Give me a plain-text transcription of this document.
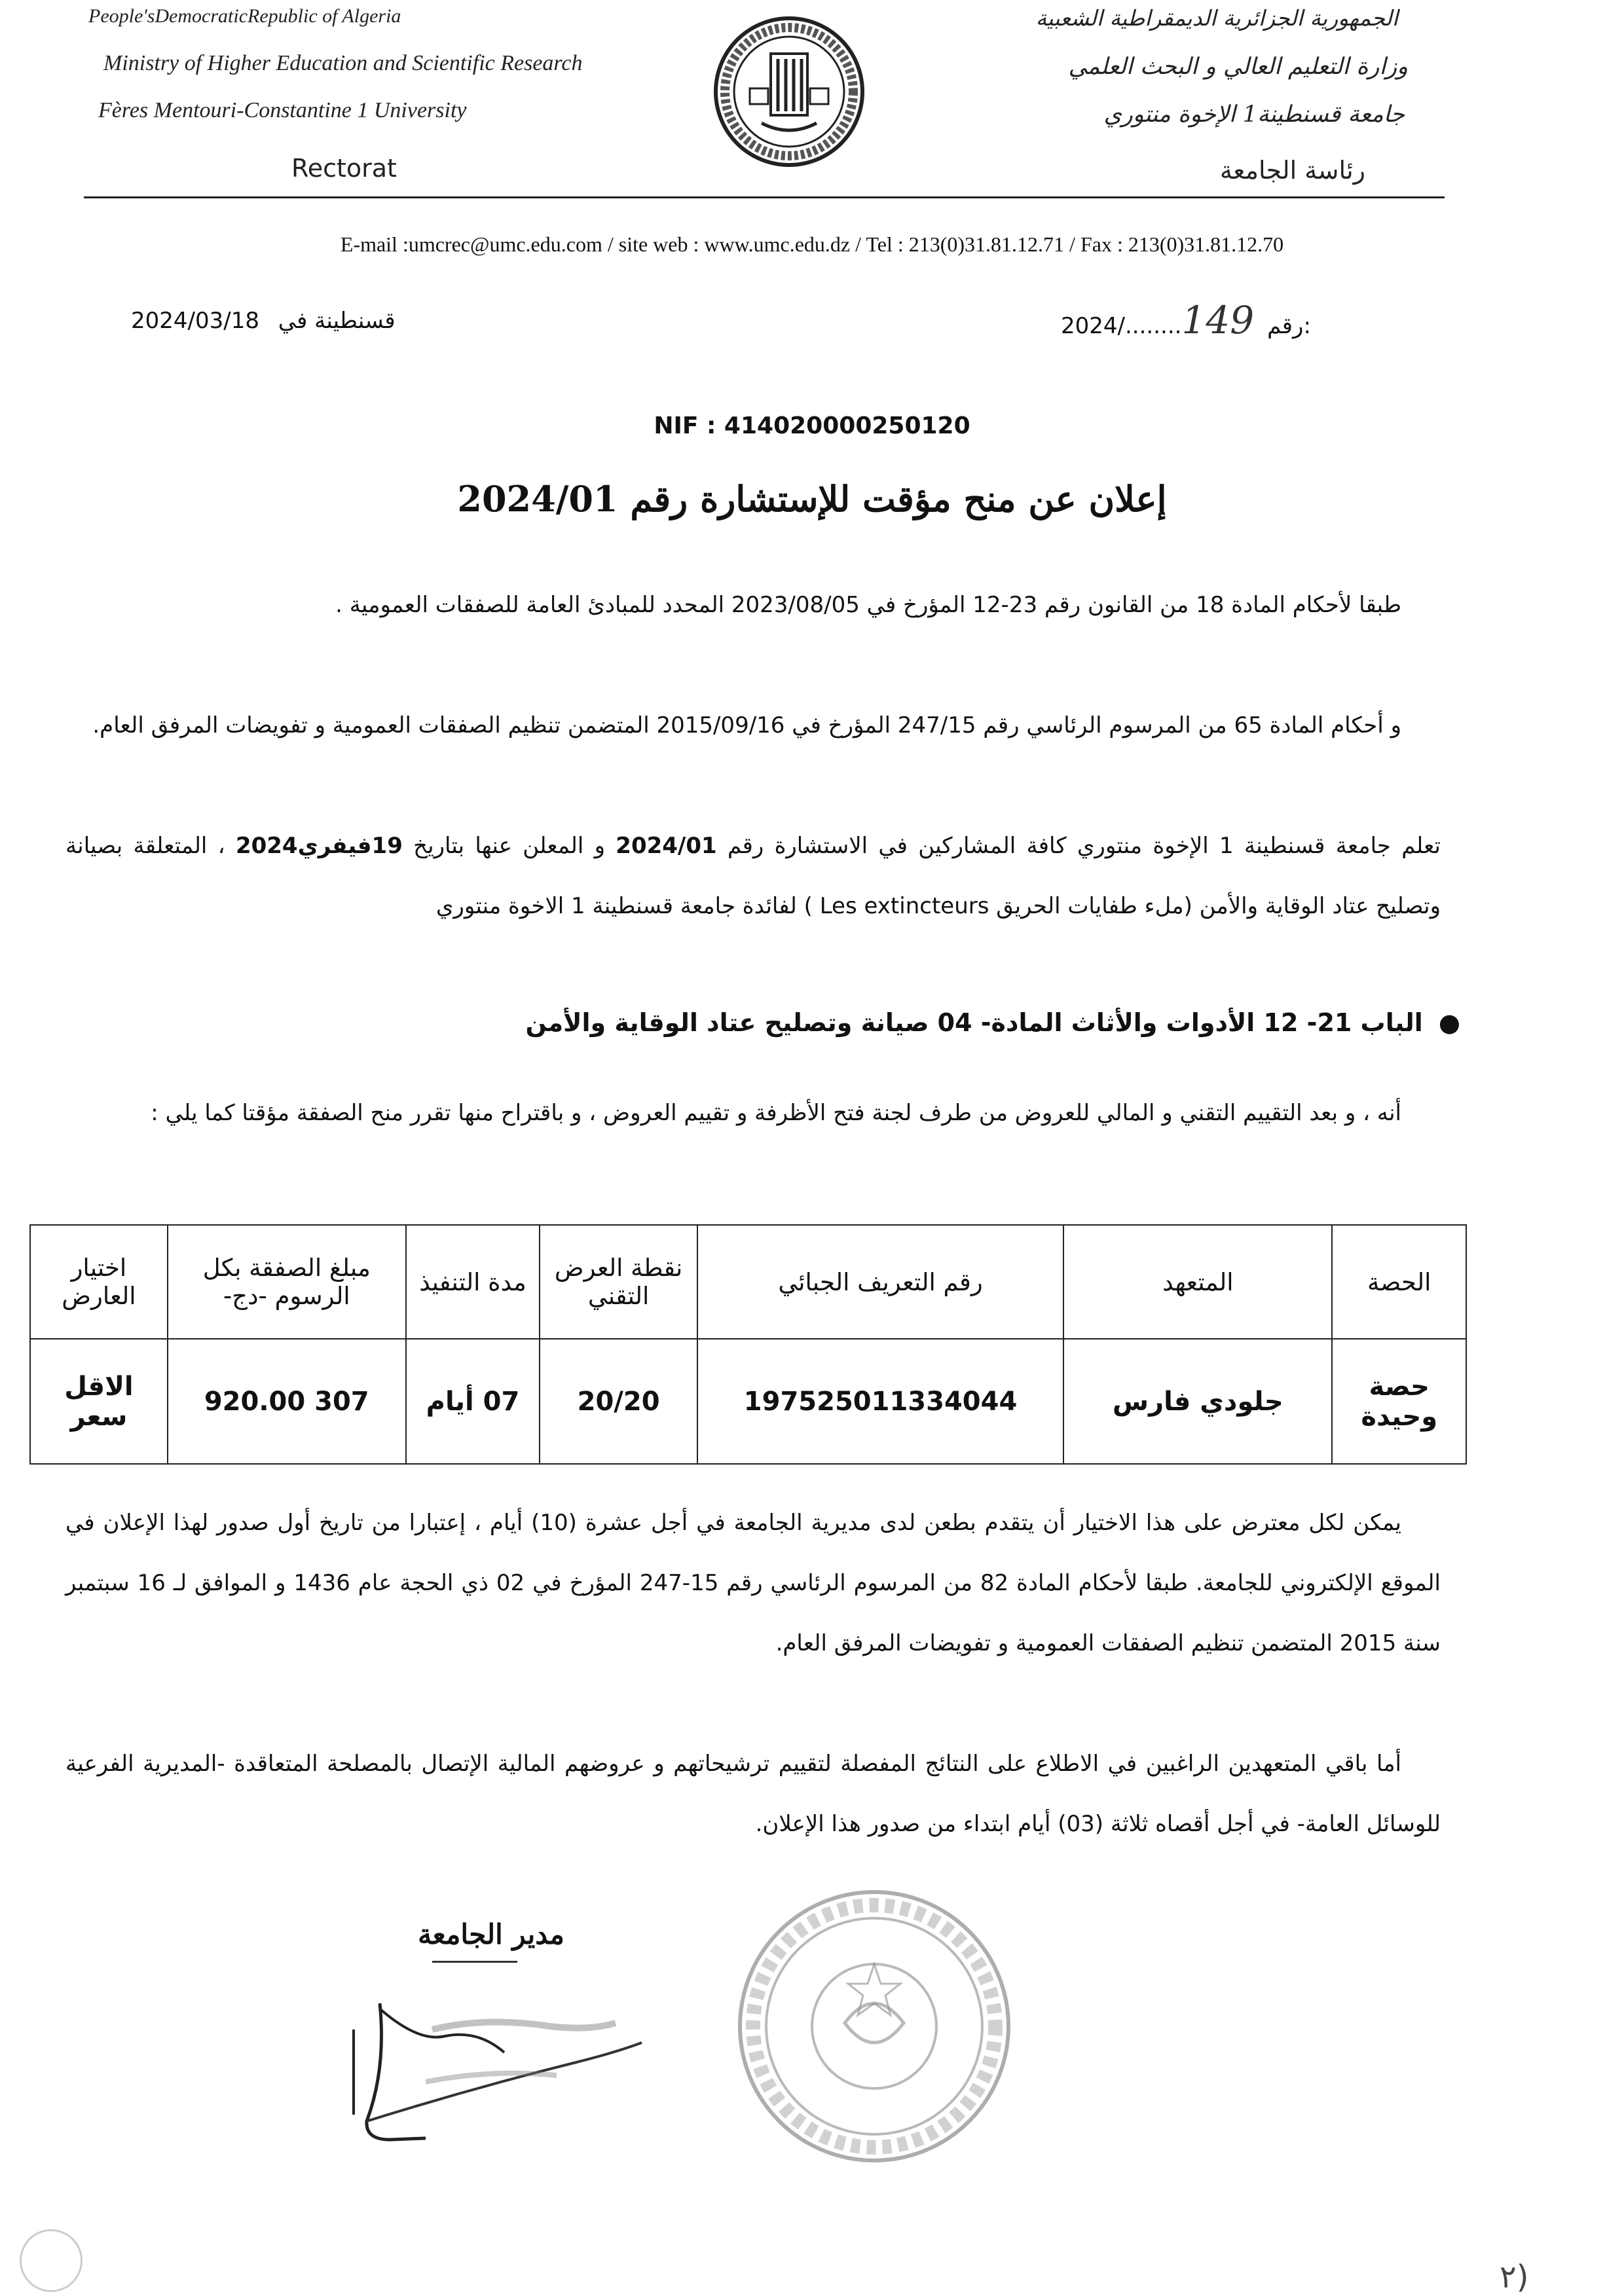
People'sDemocraticRepublic of Algeria
Ministry of Higher Education and Scientific Research
Fères Mentouri-Constantine 1 University
Rectorat
الجمهورية الجزائرية الديمقراطية الشعبية
وزارة التعليم العالي و البحث العلمي
جامعة قسنطينة1 الإخوة منتوري
رئاسة الجامعة
E-mail :umcrec@umc.edu.com / site web : www.umc.edu.dz / Tel : 213(0)31.81.12.71 / Fax : 213(0)31.81.12.70
2024/03/18 قسنطينة في	2024/........149 رقم:
NIF : 414020000250120
إعلان عن منح مؤقت للإستشارة رقم 2024/01
طبقا لأحكام المادة 18 من القانون رقم 23-12 المؤرخ في 2023/08/05 المحدد للمبادئ العامة للصفقات العمومية .
و أحكام المادة 65 من المرسوم الرئاسي رقم 247/15 المؤرخ في 2015/09/16 المتضمن تنظيم الصفقات العمومية و تفويضات المرفق العام.
تعلم جامعة قسنطينة 1 الإخوة منتوري كافة المشاركين في الاستشارة رقم 2024/01 و المعلن عنها بتاريخ 19فيفري2024 ، المتعلقة بصيانة وتصليح عتاد الوقاية والأمن (ملء طفايات الحريق Les extincteurs ) لفائدة جامعة قسنطينة 1 الاخوة منتوري
●الباب 21- 12 الأدوات والأثاث المادة- 04 صيانة وتصليح عتاد الوقاية والأمن
أنه ، و بعد التقييم التقني و المالي للعروض من طرف لجنة فتح الأظرفة و تقييم العروض ، و باقتراح منها تقرر منح الصفقة مؤقتا كما يلي :
الحصة	المتعهد	رقم التعريف الجبائي	نقطة العرض التقني	مدة التنفيذ	مبلغ الصفقة بكل الرسوم -دج-	اختيار العارض
حصة وحيدة	جلودي فارس	197525011334044	20/20	07 أيام	307 920.00	الاقل سعر
يمكن لكل معترض على هذا الاختيار أن يتقدم بطعن لدى مديرية الجامعة في أجل عشرة (10) أيام ، إعتبارا من تاريخ أول صدور لهذا الإعلان في الموقع الإلكتروني للجامعة. طبقا لأحكام المادة 82 من المرسوم الرئاسي رقم 15-247 المؤرخ في 02 ذي الحجة عام 1436 و الموافق لـ 16 سبتمبر سنة 2015 المتضمن تنظيم الصفقات العمومية و تفويضات المرفق العام.
أما باقي المتعهدين الراغبين في الاطلاع على النتائج المفصلة لتقييم ترشيحاتهم و عروضهم المالية الإتصال بالمصلحة المتعاقدة -المديرية الفرعية للوسائل العامة- في أجل أقصاه ثلاثة (03) أيام ابتداء من صدور هذا الإعلان.
مدير الجامعة
(٢
